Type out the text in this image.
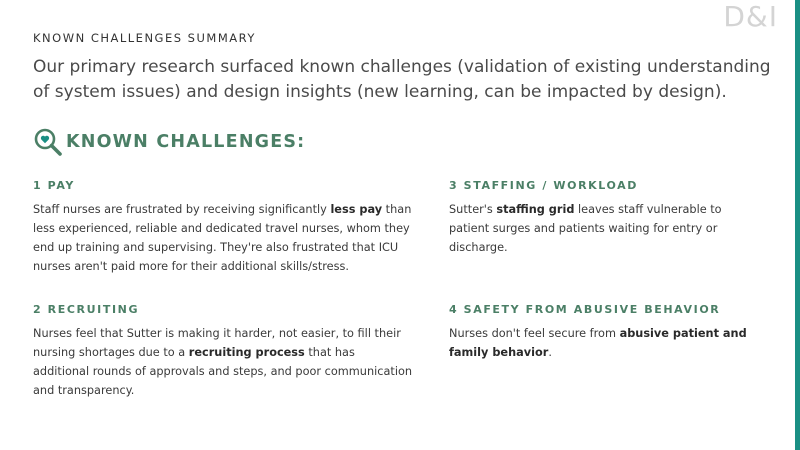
D&I
KNOWN CHALLENGES SUMMARY
Our primary research surfaced known challenges (validation of existing understanding of system issues) and design insights (new learning, can be impacted by design).
KNOWN CHALLENGES:
1 PAY
Staff nurses are frustrated by receiving significantly less pay than less experienced, reliable and dedicated travel nurses, whom they end up training and supervising. They're also frustrated that ICU nurses aren't paid more for their additional skills/stress.
2 RECRUITING
Nurses feel that Sutter is making it harder, not easier, to fill their nursing shortages due to a recruiting process that has additional rounds of approvals and steps, and poor communication and transparency.
3 STAFFING / WORKLOAD
Sutter's staffing grid leaves staff vulnerable to patient surges and patients waiting for entry or discharge.
4 SAFETY FROM ABUSIVE BEHAVIOR
Nurses don't feel secure from abusive patient and family behavior.
